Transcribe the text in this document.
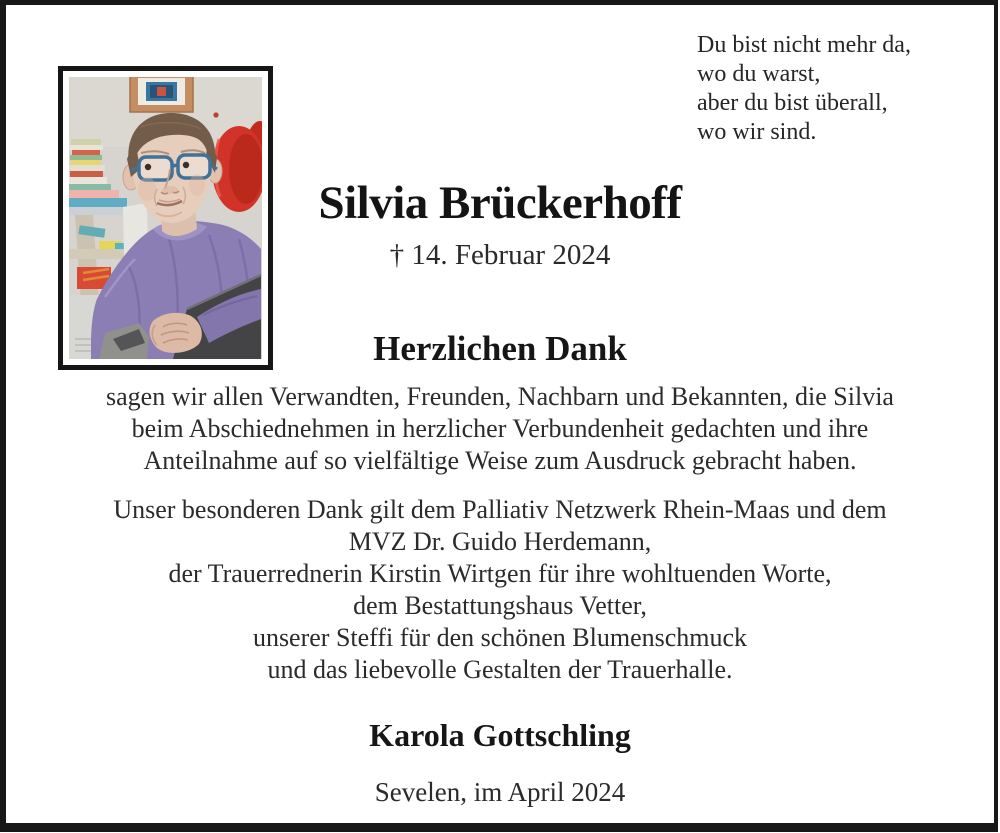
Du bist nicht mehr da,
wo du warst,
aber du bist überall,
wo wir sind.
Silvia Brückerhoff
† 14. Februar 2024
Herzlichen Dank
sagen wir allen Verwandten, Freunden, Nachbarn und Bekannten, die Silvia
beim Abschiednehmen in herzlicher Verbundenheit gedachten und ihre
Anteilnahme auf so vielfältige Weise zum Ausdruck gebracht haben.
Unser besonderen Dank gilt dem Palliativ Netzwerk Rhein-Maas und dem
MVZ Dr. Guido Herdemann,
der Trauerrednerin Kirstin Wirtgen für ihre wohltuenden Worte,
dem Bestattungshaus Vetter,
unserer Steffi für den schönen Blumenschmuck
und das liebevolle Gestalten der Trauerhalle.
Karola Gottschling
Sevelen, im April 2024
